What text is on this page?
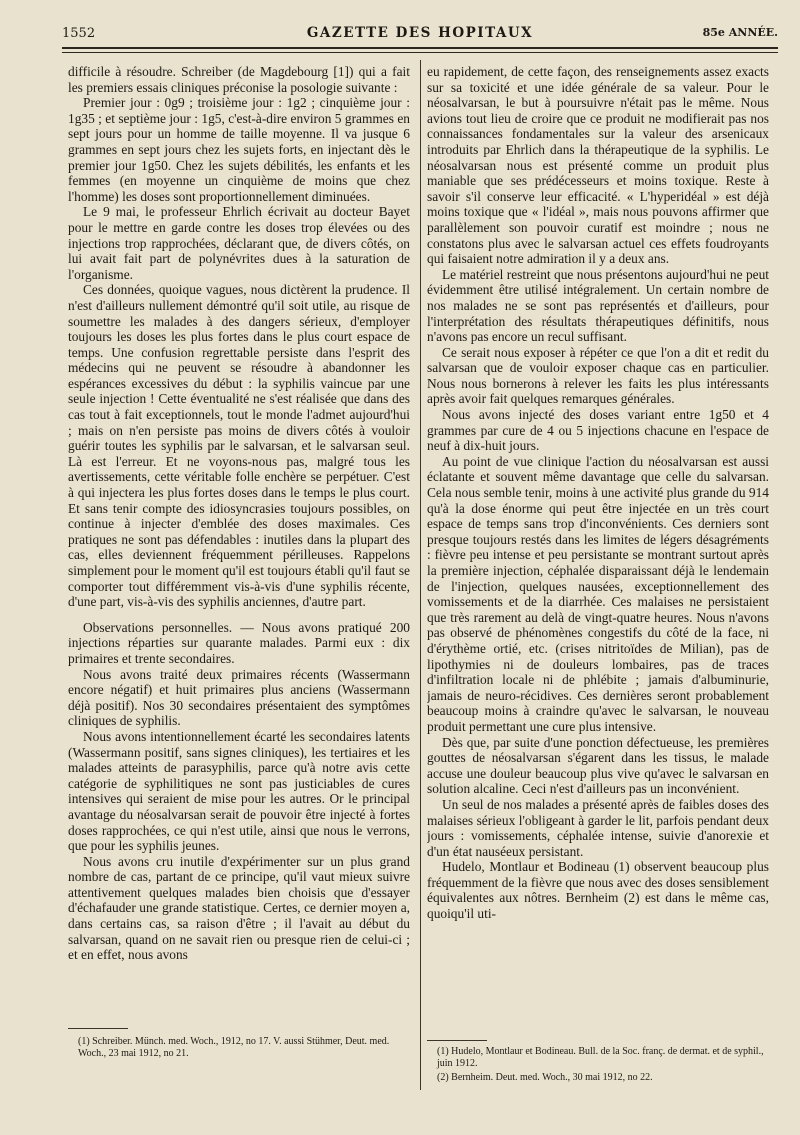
1552	GAZETTE DES HOPITAUX	85e ANNÉE.

difficile à résoudre. Schreiber (de Magdebourg [1]) qui a fait les premiers essais cliniques préconise la posologie suivante :

Premier jour : 0g9 ; troisième jour : 1g2 ; cinquième jour : 1g35 ; et septième jour : 1g5, c'est-à-dire environ 5 grammes en sept jours pour un homme de taille moyenne. Il va jusque 6 grammes en sept jours chez les sujets forts, en injectant dès le premier jour 1g50. Chez les sujets débilités, les enfants et les femmes (en moyenne un cinquième de moins que chez l'homme) les doses sont proportionnellement diminuées.

Le 9 mai, le professeur Ehrlich écrivait au docteur Bayet pour le mettre en garde contre les doses trop élevées ou des injections trop rapprochées, déclarant que, de divers côtés, on lui avait fait part de polynévrites dues à la saturation de l'organisme.

Ces données, quoique vagues, nous dictèrent la prudence. Il n'est d'ailleurs nullement démontré qu'il soit utile, au risque de soumettre les malades à des dangers sérieux, d'employer toujours les doses les plus fortes dans le plus court espace de temps. Une confusion regrettable persiste dans l'esprit des médecins qui ne peuvent se résoudre à abandonner les espérances excessives du début : la syphilis vaincue par une seule injection ! Cette éventualité ne s'est réalisée que dans des cas tout à fait exceptionnels, tout le monde l'admet aujourd'hui ; mais on n'en persiste pas moins de divers côtés à vouloir guérir toutes les syphilis par le salvarsan, et le salvarsan seul. Là est l'erreur. Et ne voyons-nous pas, malgré tous les avertissements, cette véritable folle enchère se perpétuer. C'est à qui injectera les plus fortes doses dans le temps le plus court. Et sans tenir compte des idiosyncrasies toujours possibles, on continue à injecter d'emblée des doses maximales. Ces pratiques ne sont pas défendables : inutiles dans la plupart des cas, elles deviennent fréquemment périlleuses. Rappelons simplement pour le moment qu'il est toujours établi qu'il faut se comporter tout différemment vis-à-vis d'une syphilis récente, d'une part, vis-à-vis des syphilis anciennes, d'autre part.

Observations personnelles. — Nous avons pratiqué 200 injections réparties sur quarante malades. Parmi eux : dix primaires et trente secondaires.

Nous avons traité deux primaires récents (Wassermann encore négatif) et huit primaires plus anciens (Wassermann déjà positif). Nos 30 secondaires présentaient des symptômes cliniques de syphilis.

Nous avons intentionnellement écarté les secondaires latents (Wassermann positif, sans signes cliniques), les tertiaires et les malades atteints de parasyphilis, parce qu'à notre avis cette catégorie de syphilitiques ne sont pas justiciables de cures intensives qui seraient de mise pour les autres. Or le principal avantage du néosalvarsan serait de pouvoir être injecté à fortes doses rapprochées, ce qui n'est utile, ainsi que nous le verrons, que pour les syphilis jeunes.

Nous avons cru inutile d'expérimenter sur un plus grand nombre de cas, partant de ce principe, qu'il vaut mieux suivre attentivement quelques malades bien choisis que d'essayer d'échafauder une grande statistique. Certes, ce dernier moyen a, dans certains cas, sa raison d'être ; il l'avait au début du salvarsan, quand on ne savait rien ou presque rien de celui-ci ; et en effet, nous avons

(1) Schreiber. Münch. med. Woch., 1912, no 17. V. aussi Stühmer, Deut. med. Woch., 23 mai 1912, no 21.

eu rapidement, de cette façon, des renseignements assez exacts sur sa toxicité et une idée générale de sa valeur. Pour le néosalvarsan, le but à poursuivre n'était pas le même. Nous avions tout lieu de croire que ce produit ne modifierait pas nos connaissances fondamentales sur la valeur des arsenicaux introduits par Ehrlich dans la thérapeutique de la syphilis. Le néosalvarsan nous est présenté comme un produit plus maniable que ses prédécesseurs et moins toxique. Reste à savoir s'il conserve leur efficacité. « L'hyperidéal » est déjà moins toxique que « l'idéal », mais nous pouvons affirmer que parallèlement son pouvoir curatif est moindre ; nous ne constatons plus avec le salvarsan actuel ces effets foudroyants qui faisaient notre admiration il y a deux ans.

Le matériel restreint que nous présentons aujourd'hui ne peut évidemment être utilisé intégralement. Un certain nombre de nos malades ne se sont pas représentés et d'ailleurs, pour l'interprétation des résultats thérapeutiques définitifs, nous n'avons pas encore un recul suffisant.

Ce serait nous exposer à répéter ce que l'on a dit et redit du salvarsan que de vouloir exposer chaque cas en particulier. Nous nous bornerons à relever les faits les plus intéressants après avoir fait quelques remarques générales.

Nous avons injecté des doses variant entre 1g50 et 4 grammes par cure de 4 ou 5 injections chacune en l'espace de neuf à dix-huit jours.

Au point de vue clinique l'action du néosalvarsan est aussi éclatante et souvent même davantage que celle du salvarsan. Cela nous semble tenir, moins à une activité plus grande du 914 qu'à la dose énorme qui peut être injectée en un très court espace de temps sans trop d'inconvénients. Ces derniers sont presque toujours restés dans les limites de légers désagréments : fièvre peu intense et peu persistante se montrant surtout après la première injection, céphalée disparaissant déjà le lendemain de l'injection, quelques nausées, exceptionnellement des vomissements et de la diarrhée. Ces malaises ne persistaient que très rarement au delà de vingt-quatre heures. Nous n'avons pas observé de phénomènes congestifs du côté de la face, ni d'érythème ortié, etc. (crises nitritoïdes de Milian), pas de lipothymies ni de douleurs lombaires, pas de traces d'infiltration locale ni de phlébite ; jamais d'albuminurie, jamais de neuro-récidives. Ces dernières seront probablement beaucoup moins à craindre qu'avec le salvarsan, le nouveau produit permettant une cure plus intensive.

Dès que, par suite d'une ponction défectueuse, les premières gouttes de néosalvarsan s'égarent dans les tissus, le malade accuse une douleur beaucoup plus vive qu'avec le salvarsan en solution alcaline. Ceci n'est d'ailleurs pas un inconvénient.

Un seul de nos malades a présenté après de faibles doses des malaises sérieux l'obligeant à garder le lit, parfois pendant deux jours : vomissements, céphalée intense, suivie d'anorexie et d'un état nauséeux persistant.

Hudelo, Montlaur et Bodineau (1) observent beaucoup plus fréquemment de la fièvre que nous avec des doses sensiblement équivalentes aux nôtres. Bernheim (2) est dans le même cas, quoiqu'il uti-

(1) Hudelo, Montlaur et Bodineau. Bull. de la Soc. franç. de dermat. et de syphil., juin 1912.
(2) Bernheim. Deut. med. Woch., 30 mai 1912, no 22.
